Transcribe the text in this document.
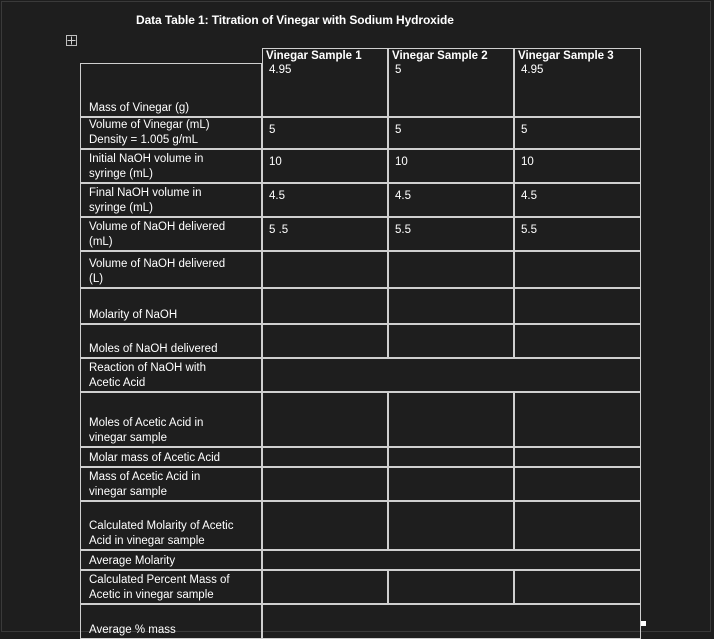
Data Table 1: Titration of Vinegar with Sodium Hydroxide
	Vinegar Sample 1	Vinegar Sample 2	Vinegar Sample 3

Mass of Vinegar (g)	4.95	5	4.95

Volume of Vinegar (mL)
Density = 1.005 g/mL	5	5	5

Initial NaOH volume in
syringe (mL)	10	10	10

Final NaOH volume in
syringe (mL)	4.5	4.5	4.5

Volume of NaOH delivered
(mL)	5 .5	5.5	5.5

Volume of NaOH delivered
(L)			

Molarity of NaOH			

Moles of NaOH delivered			

Reaction of NaOH with
Acetic Acid			

Moles of Acetic Acid in
vinegar sample			

Molar mass of Acetic Acid			

Mass of Acetic Acid in
vinegar sample			

Calculated Molarity of Acetic
Acid in vinegar sample			

Average Molarity			

Calculated Percent Mass of
Acetic in vinegar sample			

Average % mass			
